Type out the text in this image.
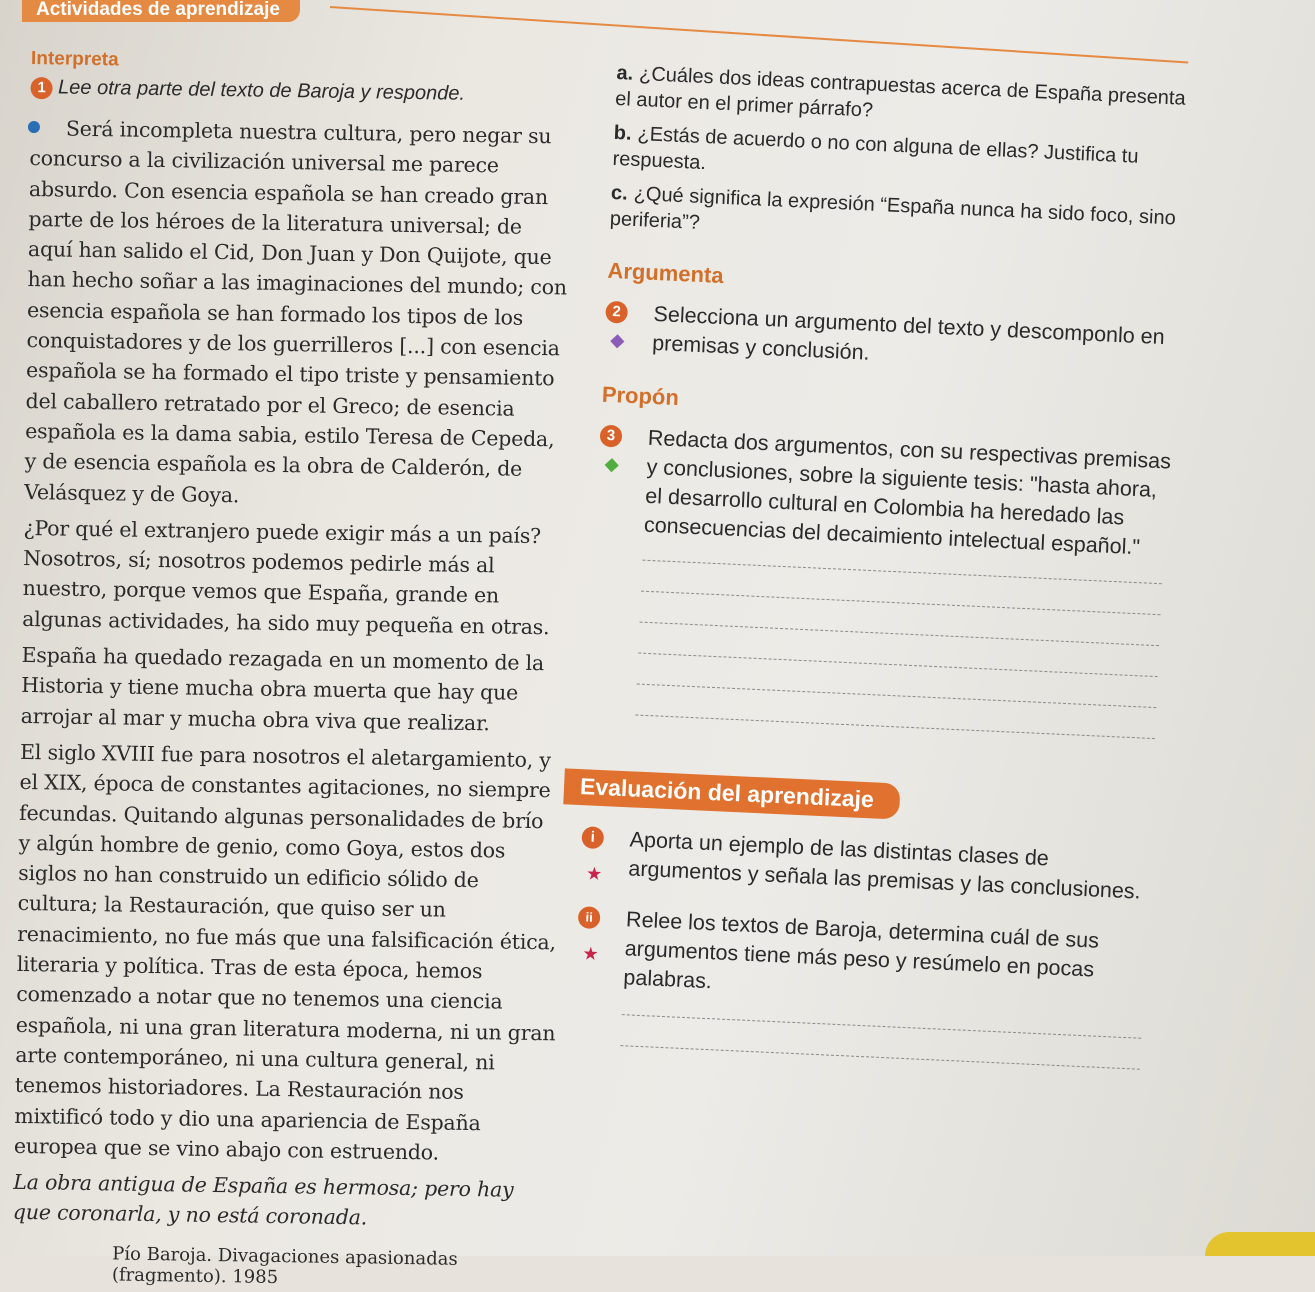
Actividades de aprendizaje
Interpreta
1 Lee otra parte del texto de Baroja y responde.

Será incompleta nuestra cultura, pero negar su concurso a la civilización universal me parece absurdo. Con esencia española se han creado gran parte de los héroes de la literatura universal; de aquí han salido el Cid, Don Juan y Don Quijote, que han hecho soñar a las imaginaciones del mundo; con esencia española se han formado los tipos de los conquistadores y de los guerrilleros [...] con esencia española se ha formado el tipo triste y pensamiento del caballero retratado por el Greco; de esencia española es la dama sabia, estilo Teresa de Cepeda, y de esencia española es la obra de Calderón, de Velásquez y de Goya.

¿Por qué el extranjero puede exigir más a un país? Nosotros, sí; nosotros podemos pedirle más al nuestro, porque vemos que España, grande en algunas actividades, ha sido muy pequeña en otras.

España ha quedado rezagada en un momento de la Historia y tiene mucha obra muerta que hay que arrojar al mar y mucha obra viva que realizar.

El siglo XVIII fue para nosotros el aletargamiento, y el XIX, época de constantes agitaciones, no siempre fecundas. Quitando algunas personalidades de brío y algún hombre de genio, como Goya, estos dos siglos no han construido un edificio sólido de cultura; la Restauración, que quiso ser un renacimiento, no fue más que una falsificación ética, literaria y política. Tras de esta época, hemos comenzado a notar que no tenemos una ciencia española, ni una gran literatura moderna, ni un gran arte contemporáneo, ni una cultura general, ni tenemos historiadores. La Restauración nos mixtificó todo y dio una apariencia de España europea que se vino abajo con estruendo.

La obra antigua de España es hermosa; pero hay que coronarla, y no está coronada.

Pío Baroja. Divagaciones apasionadas (fragmento). 1985

a. ¿Cuáles dos ideas contrapuestas acerca de España presenta el autor en el primer párrafo?

b. ¿Estás de acuerdo o no con alguna de ellas? Justifica tu respuesta.

c. ¿Qué significa la expresión “España nunca ha sido foco, sino periferia”?

Argumenta
2	Selecciona un argumento del texto y descomponlo en premisas y conclusión.
Propón
3	Redacta dos argumentos, con su respectivas premisas y conclusiones, sobre la siguiente tesis: "hasta ahora, el desarrollo cultural en Colombia ha heredado las consecuencias del decaimiento intelectual español."
Evaluación del aprendizaje
i
★
Aporta un ejemplo de las distintas clases de argumentos y señala las premisas y las conclusiones.
ii
★
Relee los textos de Baroja, determina cuál de sus argumentos tiene más peso y resúmelo en pocas palabras.
